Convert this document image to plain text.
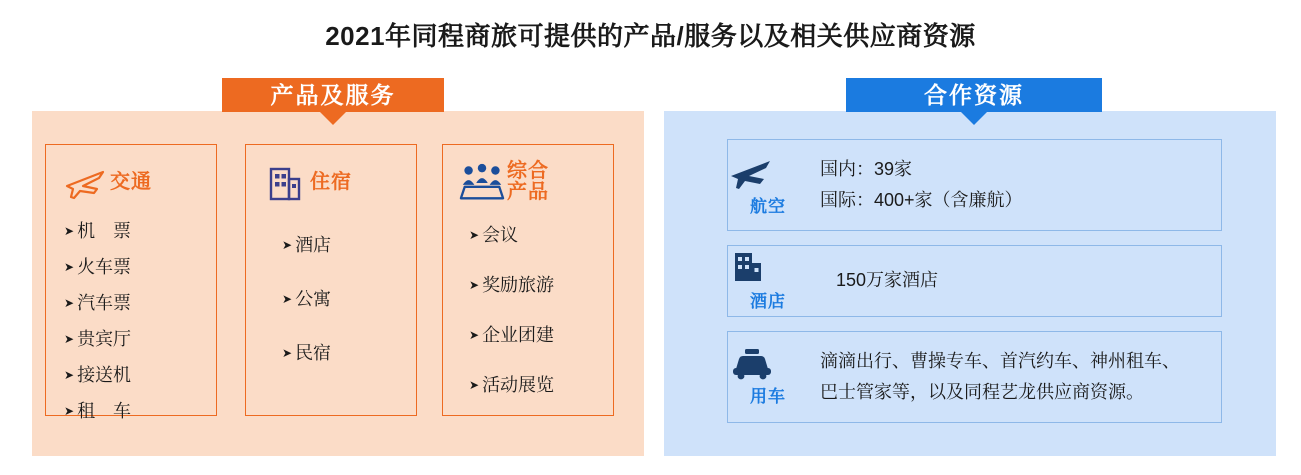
2021年同程商旅可提供的产品/服务以及相关供应商资源
产品及服务
交通
➤ 机　票
➤ 火车票
➤ 汽车票
➤ 贵宾厅
➤ 接送机
➤ 租　车
住宿
➤ 酒店
➤ 公寓
➤ 民宿
综合
产品
➤ 会议
➤ 奖励旅游
➤ 企业团建
➤ 活动展览
合作资源
航空
国内：39家
国际：400+家（含廉航）
酒店
150万家酒店
用车
滴滴出行、曹操专车、首汽约车、神州租车、
巴士管家等，以及同程艺龙供应商资源。
